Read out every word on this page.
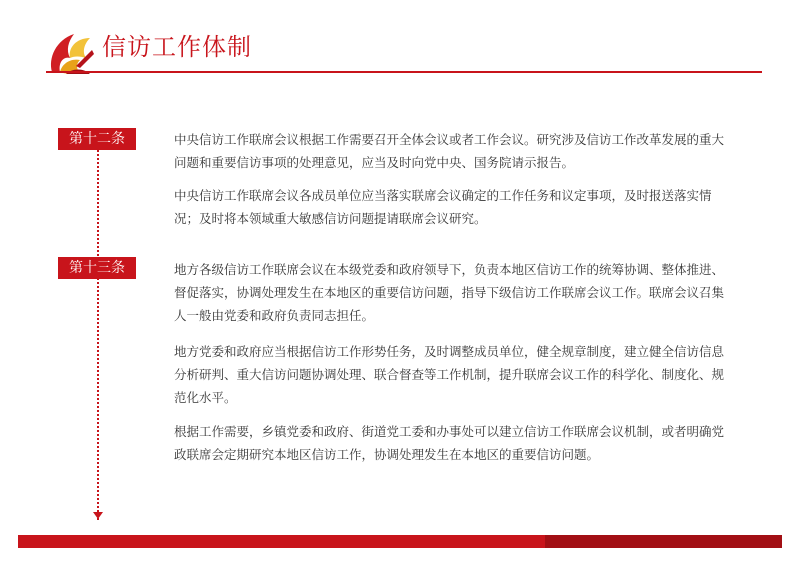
信访工作体制
第十二条	中央信访工作联席会议根据工作需要召开全体会议或者工作会议。研究涉及信访工作改革发展的重大问题和重要信访事项的处理意见，应当及时向党中央、国务院请示报告。

中央信访工作联席会议各成员单位应当落实联席会议确定的工作任务和议定事项，及时报送落实情况；及时将本领域重大敏感信访问题提请联席会议研究。

第十三条	地方各级信访工作联席会议在本级党委和政府领导下，负责本地区信访工作的统筹协调、整体推进、督促落实，协调处理发生在本地区的重要信访问题，指导下级信访工作联席会议工作。联席会议召集人一般由党委和政府负责同志担任。

地方党委和政府应当根据信访工作形势任务，及时调整成员单位，健全规章制度，建立健全信访信息分析研判、重大信访问题协调处理、联合督查等工作机制，提升联席会议工作的科学化、制度化、规范化水平。

根据工作需要，乡镇党委和政府、街道党工委和办事处可以建立信访工作联席会议机制，或者明确党政联席会定期研究本地区信访工作，协调处理发生在本地区的重要信访问题。
